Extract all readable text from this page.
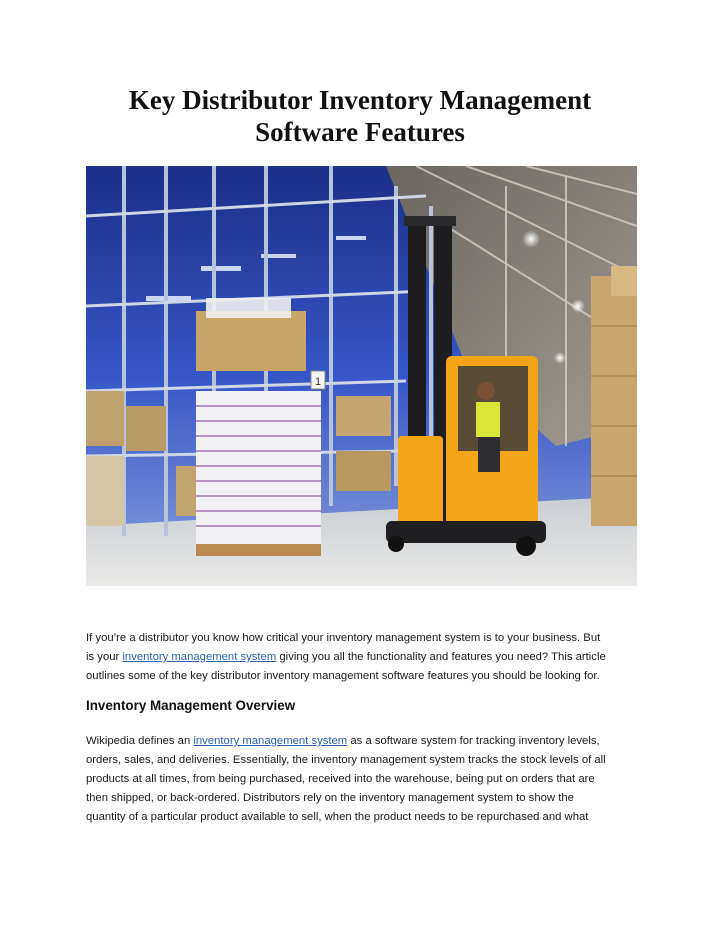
Key Distributor Inventory Management
Software Features
1

If you’re a distributor you know how critical your inventory management system is to your business. But
is your inventory management system giving you all the functionality and features you need? This article
outlines some of the key distributor inventory management software features you should be looking for.

Inventory Management Overview

Wikipedia defines an inventory management system as a software system for tracking inventory levels,
orders, sales, and deliveries. Essentially, the inventory management system tracks the stock levels of all
products at all times, from being purchased, received into the warehouse, being put on orders that are
then shipped, or back-ordered. Distributors rely on the inventory management system to show the
quantity of a particular product available to sell, when the product needs to be repurchased and what
